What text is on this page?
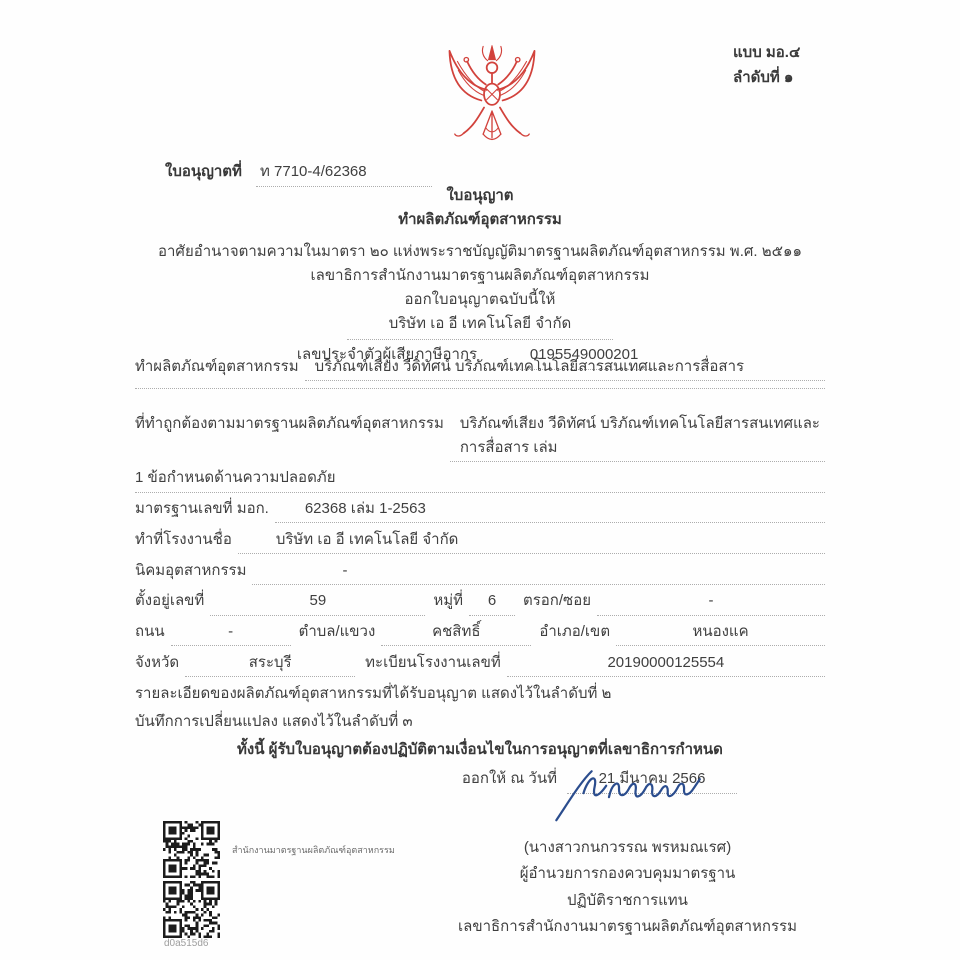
แบบ มอ.๔
ลำดับที่ ๑
ใบอนุญาตที่ ท 7710-4/62368
ใบอนุญาต
ทำผลิตภัณฑ์อุตสาหกรรม
อาศัยอำนาจตามความในมาตรา ๒๐ แห่งพระราชบัญญัติมาตรฐานผลิตภัณฑ์อุตสาหกรรม พ.ศ. ๒๕๑๑
เลขาธิการสำนักงานมาตรฐานผลิตภัณฑ์อุตสาหกรรม
ออกใบอนุญาตฉบับนี้ให้
บริษัท เอ อี เทคโนโลยี จำกัด
เลขประจำตัวผู้เสียภาษีอากร	0195549000201
ทำผลิตภัณฑ์อุตสาหกรรม	บริภัณฑ์เสียง วีดิทัศน์ บริภัณฑ์เทคโนโลยีสารสนเทศและการสื่อสาร
ที่ทำถูกต้องตามมาตรฐานผลิตภัณฑ์อุตสาหกรรม	บริภัณฑ์เสียง วีดิทัศน์ บริภัณฑ์เทคโนโลยีสารสนเทศและการสื่อสาร เล่ม
1 ข้อกำหนดด้านความปลอดภัย
มาตรฐานเลขที่ มอก.	62368 เล่ม 1-2563
ทำที่โรงงานชื่อ	บริษัท เอ อี เทคโนโลยี จำกัด
นิคมอุตสาหกรรม	-
ตั้งอยู่เลขที่	59	หมู่ที่	6	ตรอก/ซอย	-
ถนน	-	ตำบล/แขวง	คชสิทธิ์	อำเภอ/เขต	หนองแค
จังหวัด	สระบุรี	ทะเบียนโรงงานเลขที่	20190000125554
รายละเอียดของผลิตภัณฑ์อุตสาหกรรมที่ได้รับอนุญาต แสดงไว้ในลำดับที่ ๒
บันทึกการเปลี่ยนแปลง แสดงไว้ในลำดับที่ ๓
ทั้งนี้ ผู้รับใบอนุญาตต้องปฏิบัติตามเงื่อนไขในการอนุญาตที่เลขาธิการกำหนด
ออกให้ ณ วันที่	21 มีนาคม 2566
(นางสาวกนกวรรณ พรหมณเรศ)
ผู้อำนวยการกองควบคุมมาตรฐาน
ปฏิบัติราชการแทน
เลขาธิการสำนักงานมาตรฐานผลิตภัณฑ์อุตสาหกรรม
สำนักงานมาตรฐานผลิตภัณฑ์อุตสาหกรรม
d0a515d6
